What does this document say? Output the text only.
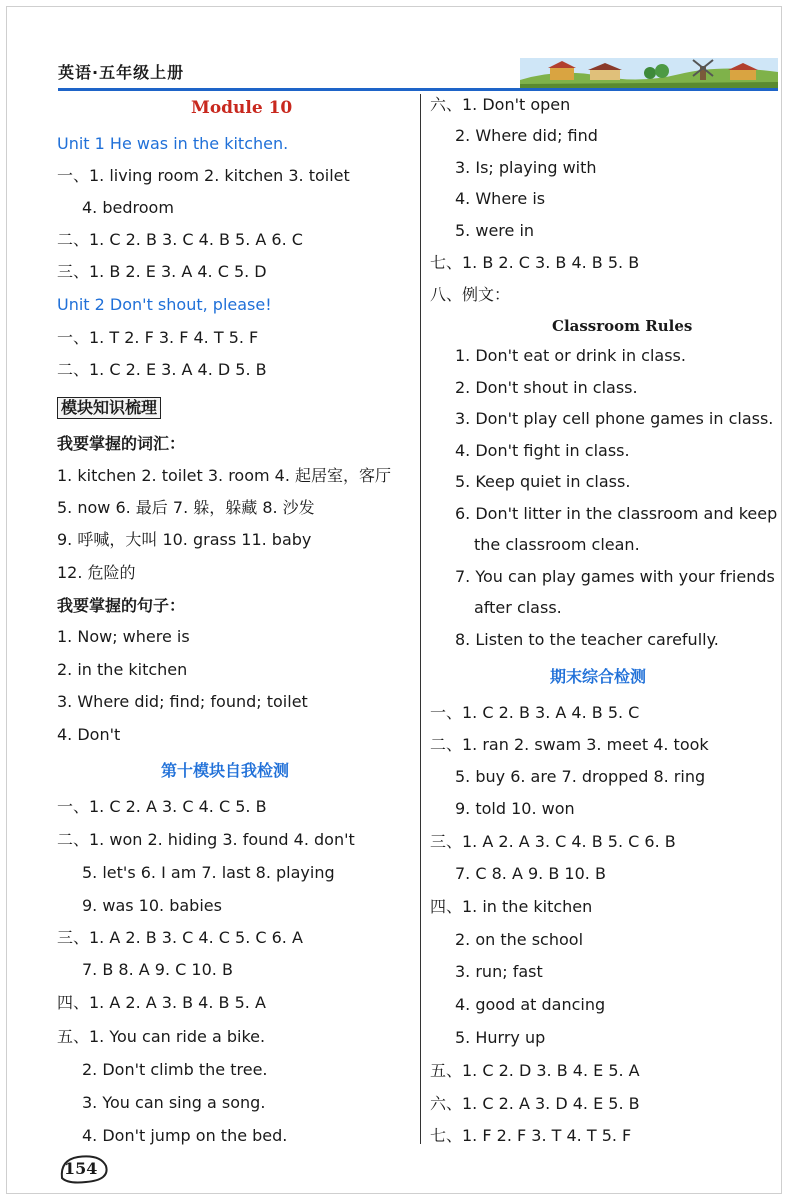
英语·五年级上册
Module 10
Unit 1 He was in the kitchen.
一、1. living room 2. kitchen 3. toilet
4. bedroom
二、1. C 2. B 3. C 4. B 5. A 6. C
三、1. B 2. E 3. A 4. C 5. D
Unit 2 Don't shout, please!
一、1. T 2. F 3. F 4. T 5. F
二、1. C 2. E 3. A 4. D 5. B
模块知识梳理
我要掌握的词汇：
1. kitchen 2. toilet 3. room 4. 起居室，客厅
5. now 6. 最后 7. 躲，躲藏 8. 沙发
9. 呼喊，大叫 10. grass 11. baby
12. 危险的
我要掌握的句子：
1. Now; where is
2. in the kitchen
3. Where did; find; found; toilet
4. Don't
第十模块自我检测
一、1. C 2. A 3. C 4. C 5. B
二、1. won 2. hiding 3. found 4. don't
5. let's 6. I am 7. last 8. playing
9. was 10. babies
三、1. A 2. B 3. C 4. C 5. C 6. A
7. B 8. A 9. C 10. B
四、1. A 2. A 3. B 4. B 5. A
五、1. You can ride a bike.
2. Don't climb the tree.
3. You can sing a song.
4. Don't jump on the bed.
六、1. Don't open
2. Where did; find
3. Is; playing with
4. Where is
5. were in
七、1. B 2. C 3. B 4. B 5. B
八、例文：
Classroom Rules
1. Don't eat or drink in class.
2. Don't shout in class.
3. Don't play cell phone games in class.
4. Don't fight in class.
5. Keep quiet in class.
6. Don't litter in the classroom and keep
the classroom clean.
7. You can play games with your friends
after class.
8. Listen to the teacher carefully.
期末综合检测
一、1. C 2. B 3. A 4. B 5. C
二、1. ran 2. swam 3. meet 4. took
5. buy 6. are 7. dropped 8. ring
9. told 10. won
三、1. A 2. A 3. C 4. B 5. C 6. B
7. C 8. A 9. B 10. B
四、1. in the kitchen
2. on the school
3. run; fast
4. good at dancing
5. Hurry up
五、1. C 2. D 3. B 4. E 5. A
六、1. C 2. A 3. D 4. E 5. B
七、1. F 2. F 3. T 4. T 5. F
154
